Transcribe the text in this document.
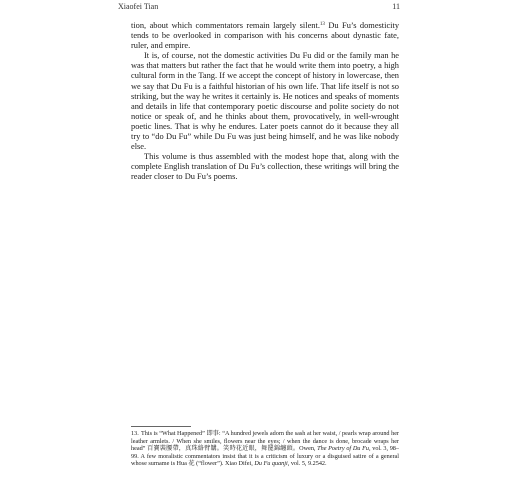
Xiaofei Tian	11

tion, about which commentators remain largely silent.$^{13}$ Du Fu’s domesticity tends to be overlooked in comparison with his concerns about dynastic fate, ruler, and empire.

It is, of course, not the domestic activities Du Fu did or the family man he was that matters but rather the fact that he would write them into poetry, a high cultural form in the Tang. If we accept the concept of history in lowercase, then we say that Du Fu is a faithful historian of his own life. That life itself is not so striking, but the way he writes it certainly is. He notices and speaks of moments and details in life that contemporary poetic discourse and polite society do not notice or speak of, and he thinks about them, provocatively, in well-wrought poetic lines. That is why he endures. Later poets cannot do it because they all try to “do Du Fu” while Du Fu was just being himself, and he was like nobody else.

This volume is thus assembled with the modest hope that, along with the complete English translation of Du Fu’s collection, these writings will bring the reader closer to Du Fu’s poems.

13. This is “What Happened” 即事: “A hundred jewels adorn the sash at her waist, / pearls wrap around her leather armlets. / When she smiles, flowers near the eyes; / when the dance is done, brocade wraps her head” 百寶裝腰帶，真珠絡臂韝。笑時花近眼，舞罷錦纏頭。Owen, The Poetry of Du Fu, vol. 3, 98–99. A few moralistic commentators insist that it is a criticism of luxury or a disguised satire of a general whose surname is Hua 花 (“flower”). Xiao Difei, Du Fu quanji, vol. 5, 9.2542.
